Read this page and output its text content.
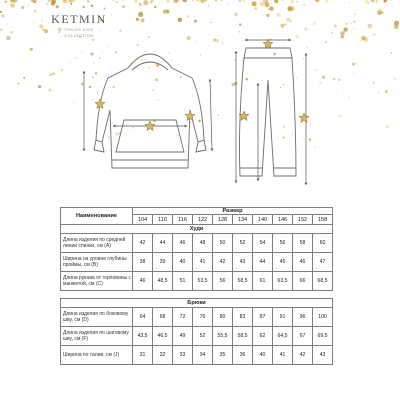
KETMIN
TOKIDS KIDS
COLLECTION
Наименование	Размер									
	104	110	116	122	128	134	140	146	152	158
Худи										
Длина изделия по средней линии спинки, см (А)	42	44	46	48	50	52	54	56	58	60
Ширина на уровне глубины проймы, см (В)	38	39	40	41	42	43	44	45	46	47
Длина рукава от горловины с манжетой, см (С)	46	48,5	51	53,5	56	58,5	61	63,5	66	68,5

Брюки										
Длина изделия по боковому шву, см (D)	64	68	72	76	80	83	87	91	96	100
Длина изделия по шаговому шву, см (F)	43,5	46,5	49	52	55,5	58,5	62	64,5	67	69,5
Ширина по талии, см (J)	31	32	33	34	35	36	40	41	42	43
